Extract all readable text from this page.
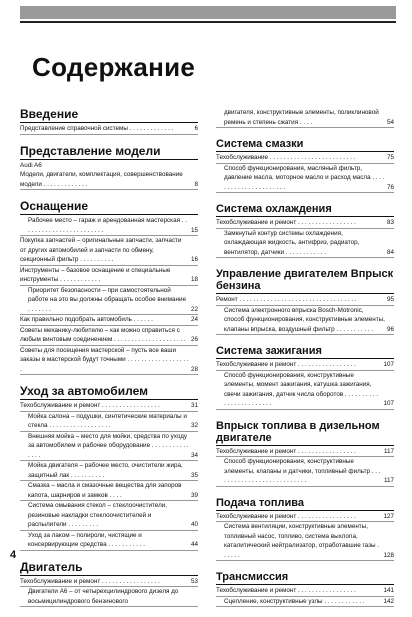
Содержание
Введение
Представление справочной системы . . . . . . . . . . . . .	6
Представление модели
Audi A6
Модели, двигатели, комплектация, совершенствование модели . . . . . . . . . . . . .	8
Оснащение
Рабочее место – гараж и арендованная мастерская . . . . . . . . . . . . . . . . . . . . . . . .	15
Покупка запчастей – оригинальные запчасти, запчасти от других автомобилей и запчасти по обмену, секционный фильтр . . . . . . . . . .	16
Инструменты – базовое оснащение и специальные инструменты . . . . . . . . . . . .	18
Приоритет безопасности – при самостоятельной работе на это вы должны обращать особое внимание . . . . . . .	22
Как правильно подобрать автомобиль . . . . . .	24
Советы механику-любителю – как можно справиться с любым винтовым соединением . . . . . . . . . . . . . . . . . . . . . 26
Советы для посещения мастерской – пусть все ваши заказы в мастерской будут точными . . . . . . . . . . . . . . . . . . .	28
Уход за автомобилем
Техобслуживание и ремонт . . . . . . . . . . . . . . . . .	31
Мойка салона – подушки, синтетические материалы и стекла . . . . . . . . . . . . . . . . . .	32
Внешняя мойка – место для мойки, средства по уходу за автомобилем и рабочее оборудование . . . . . . . . . . . . . . .	34
Мойка двигателя – рабочее место, очистители жира, защитный лак . . . . . . . . . .	35
Смазка – масла и смазочные вещества для запоров капота, шарниров и замков . . . .	39
Система омывания стекол – стеклоочистители, резиновые накладки стеклоочистителей и распылители . . . . . . . . .	40
Уход за лаком – полироли, чистящие и консервирующие средства . . . . . . . . . . .	44
Двигатель
Техобслуживание и ремонт . . . . . . . . . . . . . . . . .	53
Двигатели A6 – от четырехцилиндрового дизеля до восьмицилиндрового бензинового
двигателя, конструктивные элементы, поликлиновой ремень и степень сжатия . . . .	54
Система смазки
Техобслуживание . . . . . . . . . . . . . . . . . . . . . . . . .	75
Способ функционирования, масляный фильтр, давление масла, моторное масло и расход масла . . . . . . . . . . . . . . . . . . . . . .	76
Система охлаждения
Техобслуживание и ремонт . . . . . . . . . . . . . . . . .	83
Замкнутый контур системы охлаждения, охлаждающая жидкость, антифриз, радиатор, вентилятор, датчики . . . . . . . . . . . .	84
Управление двигателем Впрыск бензина
Ремонт . . . . . . . . . . . . . . . . . . . . . . . . . . . . . . . . . .	95
Система электронного впрыска Bosch-Motronic, способ функционирования, конструктивные элементы, клапаны впрыска, воздушный фильтр . . . . . . . . . . .	96
Система зажигания
Техобслуживание и ремонт . . . . . . . . . . . . . . . . .	107
Способ функционирования, конструктивные элементы, момент зажигания, катушка зажигания, свечи зажигания, датчик числа оборотов . . . . . . . . . . . . . . . . . . . . . . . .	107
Впрыск топлива в дизельном двигателе
Техобслуживание и ремонт . . . . . . . . . . . . . . . . .	117
Способ функционирования, конструктивные элементы, клапаны и датчики, топливный фильтр . . . . . . . . . . . . . . . . . . . . . . . . . . .	117
Подача топлива
Техобслуживание и ремонт . . . . . . . . . . . . . . . . .	127
Система вентиляции, конструктивные элементы, топливный насос, топливо, система выхлопа, каталитический нейтрализатор, отработавшие газы . . . . . .	128
Трансмиссия
Техобслуживание и ремонт . . . . . . . . . . . . . . . . .	141
Сцепление, конструктивные узлы . . . . . . . . . . . .	142
4
